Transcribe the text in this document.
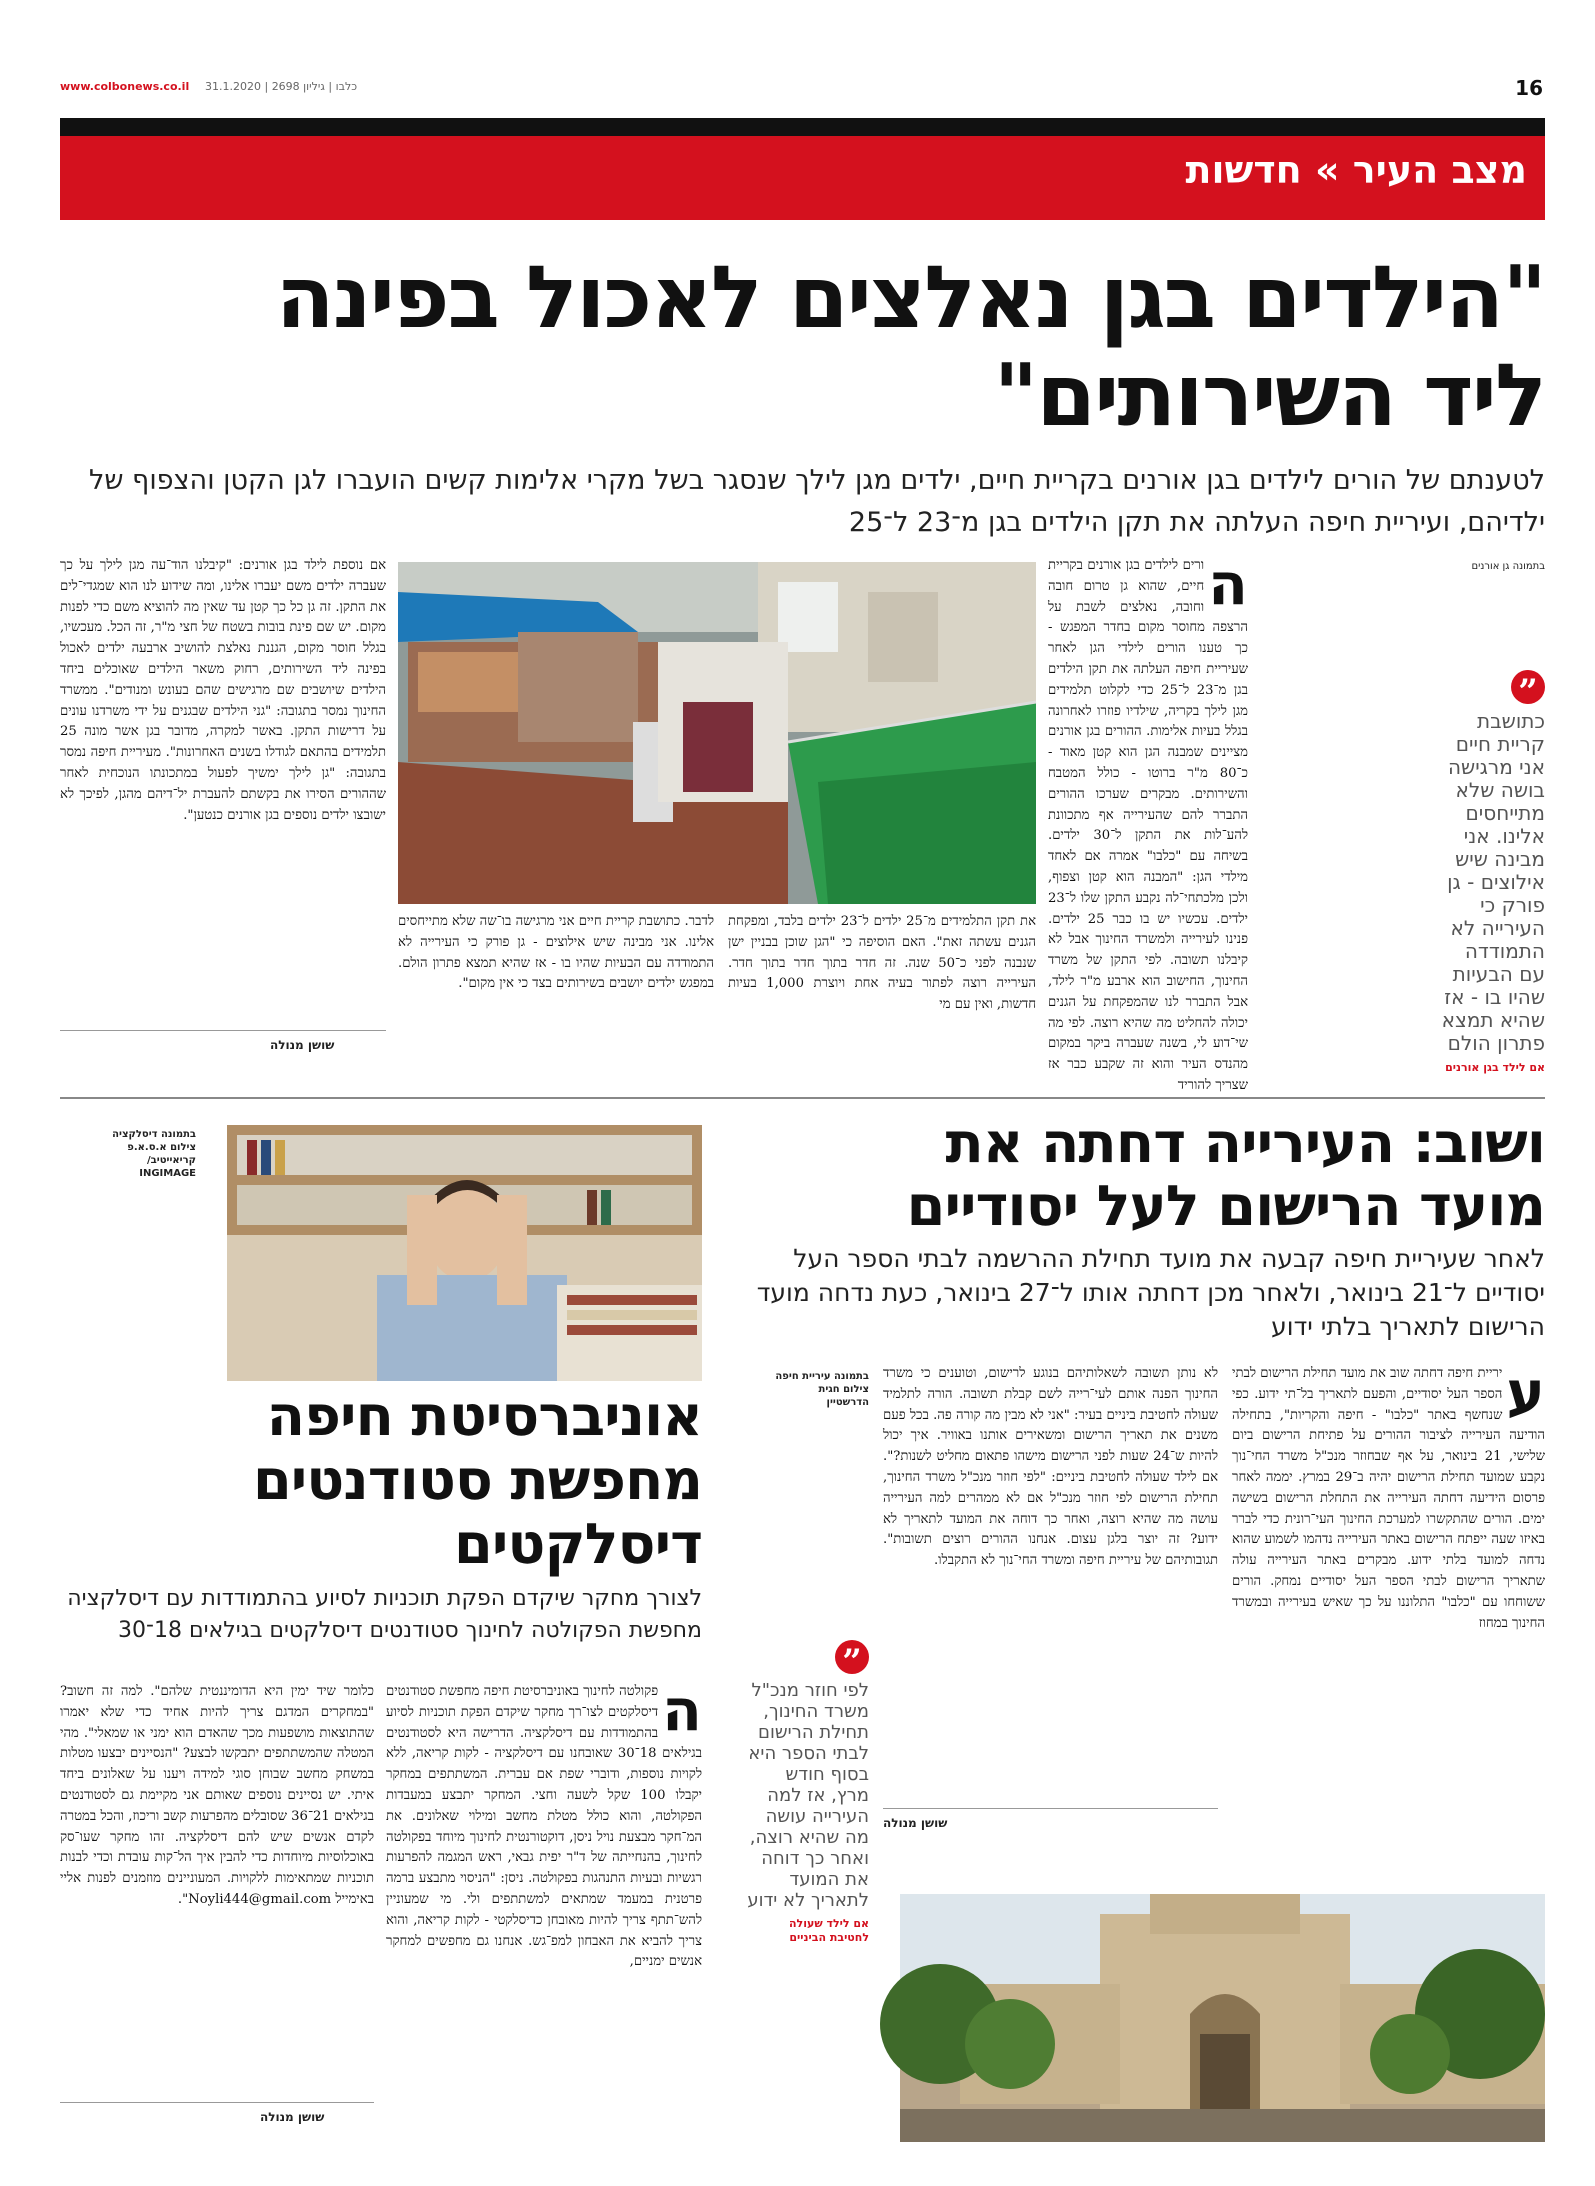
www.colbonews.co.il כלבו | גיליון 2698 | 31.1.2020	16
מצב העיר » חדשות
"הילדים בגן נאלצים לאכול בפינה
ליד השירותים"
לטענתם של הורים לילדים בגן אורנים בקריית חיים, ילדים מגן לילך שנסגר בשל מקרי אלימות קשים הועברו לגן הקטן והצפוף של ילדיהם, ועיריית חיפה העלתה את תקן הילדים בגן מ־23 ל־25
בתמונה גן אורנים
”
כתושבת קריית חיים אני מרגישה בושה שלא מתייחסים אלינו. אני מבינה שיש אילוצים - גן פורק כי העירייה לא התמודדה עם הבעיות שהיו בו - אז שהיא תמצא פתרון הולם
אם לילד בגן אורנים
ה
ורים לילדים בגן אורנים בקריית חיים, שהוא גן טרום חובה וחובה, נאלצים לשבת על הרצפה מחוסר מקום בחדר המפגש - כך טענו הורים לילדי הגן לאחר שעיריית חיפה העלתה את תקן הילדים בגן מ־23 ל־25 כדי לקלוט תלמידים מגן לילך בקריה, שילדיו פוזרו לאחרונה בגלל בעיות אלימות. ההורים בגן אורנים מציינים שמבנה הגן הוא קטן מאוד - כ־80 מ"ר ברוטו - כולל המטבח והשירותים. מבקרים שערכו ההורים התברר להם שהעירייה אף מתכוונת להע־לות את התקן ל־30 ילדים. בשיחה עם "כלבו" אמרה אם לאחד מילדי הגן: "המבנה הוא קטן וצפוף, ולכן מלכתחי־לה נקבע התקן שלו ל־23 ילדים. עכשיו יש בו כבר 25 ילדים. פנינו לעירייה ולמשרד החינוך אבל לא קיבלנו תשובה. לפי התקן של משרד החינוך, החישוב הוא ארבע מ"ר לילד, אבל התברר לנו שהמפקחת על הגנים יכולה להחליט מה שהיא רוצה. לפי מה שי־דוע לי, בשנה שעברה ביקר במקום מהנדס העיר והוא זה שקבע כבר אז שצריך להוריד
את תקן התלמידים מ־25 ילדים ל־23 ילדים בלבד, ומפקחת הגנים עשתה זאת". האם הוסיפה כי "הגן שוכן בבניין ישן שנבנה לפני כ־50 שנה. זה חדר בתוך חדר בתוך חדר. העירייה רוצה לפתור בעיה אחת ויוצרת 1,000 בעיות חדשות, ואין עם מי
לדבר. כתושבת קריית חיים אני מרגישה בו־שה שלא מתייחסים אלינו. אני מבינה שיש אילוצים - גן פורק כי העירייה לא התמודדה עם הבעיות שהיו בו - אז שהיא תמצא פתרון הולם. במפגש ילדים יושבים בשירותים בצד כי אין מקום".
אם נוספת לילד בגן אורנים: "קיבלנו הוד־עה מגן לילך על כך שעברה ילדים משם יעברו אלינו, ומה שידוע לנו הוא שמגדי־לים את התקן. זה גן כל כך קטן עד שאין מה להוציא משם כדי לפנות מקום. יש שם פינת בובות בשטח של חצי מ"ר, זה הכל. מעכשיו, בגלל חוסר מקום, הגננת נאלצת להושיב ארבעה ילדים לאכול בפינה ליד השירותים, רחוק משאר הילדים שאוכלים ביחד הילדים שיושבים שם מרגישים שהם בעונש ומנודים". ממשרד החינוך נמסר בתגובה: "גני הילדים שבגנים על ידי משרדנו עונים על דרישות התקן. באשר למקרה, מדובר בגן אשר מונה 25 תלמידים בהתאם לגודלו בשנים האחרונות". מעיריית חיפה נמסר בתגובה: "גן לילך ימשיך לפעול במתכונתו הנוכחית לאחר שההורים הסירו את בקשתם להעברת יל־דיהם מהגן, לפיכך לא ישובצו ילדים נוספים בגן אורנים כנטען".
שושן מנולה
ושוב: העירייה דחתה את
מועד הרישום לעל יסודיים
לאחר שעיריית חיפה קבעה את מועד תחילת ההרשמה לבתי הספר העל יסודיים ל־21 בינואר, ולאחר מכן דחתה אותו ל־27 בינואר, כעת נדחה מועד הרישום לתאריך בלתי ידוע
ע
יריית חיפה דחתה שוב את מועד תחילת הרישום לבתי הספר העל יסודיים, והפעם לתאריך בל־תי ידוע. כפי שנחשף באתר "כלבו" - חיפה והקריות", בתחילה הודיעה העירייה לציבור ההורים על פתיחת הרישום ביום שלישי, 21 בינואר, על אף שבחוזר מנכ"ל משרד החי־נוך נקבע שמועד תחילת הרישום יהיה ב־29 במרץ. יממה לאחר פרסום הידיעה דחתה העירייה את התחלת הרישום בשישה ימים. הורים שהתקשרו למערכת החינוך העי־רונית כדי לברר באיזו שעה ייפתח הרישום באתר העירייה נדהמו לשמוע שהוא נדחה למועד בלתי ידוע. מבקרים באתר העירייה עולה שתאריך הרישום לבתי הספר העל יסודיים נמחק. הורים ששוחחו עם "כלבו" התלוננו על כך שאיש בעירייה ובמשרד החינוך במחוז
בתמונה עיריית חיפה
צילום חגית
הדרשטיין
לא נותן תשובה לשאלותיהם בנוגע לרישום, וטוענים כי משרד החינוך הפנה אותם לעי־רייה לשם קבלת תשובה. הורה לתלמיד שעולה לחטיבת ביניים בעיר: "אני לא מבין מה קורה פה. בכל פעם משנים את תאריך הרישום ומשאירים אותנו באוויר. איך יכול להיות ש־24 שעות לפני הרישום מישהו פתאום מחליט לשנות?". אם לילד שעולה לחטיבת ביניים: "לפי חוזר מנכ"ל משרד החינוך, תחילת הרישום לפי חוזר מנכ"ל אם לא ממהרים למה העירייה עושה מה שהיא רוצה, ואחר כך דוחה את המועד לתאריך לא ידוע? זה יוצר בלגן עצום. אנחנו ההורים רוצים תשובות". תגובותיהם של עיריית חיפה ומשרד החי־נוך לא התקבלו.
שושן מנולה
”
לפי חוזר מנכ"ל משרד החינוך, תחילת הרישום לבתי הספר היא בסוף חודש מרץ, אז למה העירייה עושה מה שהיא רוצה, ואחר כך דוחה את המועד לתאריך לא ידוע
אם לילד שעולה
לחטיבת הביניים
בתמונה דיסלקציה
צילום א.ס.א.פ
קריאייטיב/
INGIMAGE
אוניברסיטת חיפה
מחפשת סטודנטים
דיסלקטים
לצורך מחקר שיקדם הפקת תוכניות לסיוע בהתמודדות עם דיסלקציה מחפשת הפקולטה לחינוך סטודנטים דיסלקטים בגילאים 18־30
ה
פקולטה לחינוך באוניברסיטת חיפה מחפשת סטודנטים דיסלקטים לצו־רך מחקר שיקדם הפקת תוכניות לסיוע בהתמודדות עם דיסלקציה. הדרישה היא לסטודנטים בגילאים 18־30 שאובחנו עם דיסלקציה - לקות קריאה, ללא לקויות נוספות, ודוברי שפת אם עברית. המשתתפים במחקר יקבלו 100 שקל לשעה וחצי. המחקר יתבצע במעבדות הפקולטה, והוא כולל מטלת מחשב ומילוי שאלונים. את המ־חקר מבצעת נויל ניסן, דוקטורנטית לחינוך מיוחד בפקולטה לחינוך, בהנחייתה של ד"ר יפית גבאי, ראש המגמה להפרעות רגשיות ובעיות התנהגות בפקולטה. ניסן: "הניסוי מתבצע ברמה פרטנית במעמד שמתאים למשתתפים ולי. מי שמעוניין להש־תתף צריך להיות מאובחן כדיסלקטי - לקות קריאה, והוא צריך להביא את האבחון למפ־גש. אנחנו גם מחפשים למחקר אנשים ימניים,
כלומר שיד ימין היא הדומיננטית שלהם". למה זה חשוב? "במחקרים המדגם צריך להיות אחיד כדי שלא יאמרו שהתוצאות מושפעות מכך שהאדם הוא ימני או שמאלי". מהי המטלה שהמשתתפים יתבקשו לבצע? "הנסיינים יבצעו מטלות במשחק מחשב שבוחן סוגי למידה ויענו על שאלונים ביחד איתי. יש נסיינים נוספים שאותם אני מקיימת גם לסטודנטים בגילאים 21־36 שסובלים מהפרעות קשב וריכוז, והכל במטרה לקדם אנשים שיש להם דיסלקציה. זהו מחקר שעו־סק באוכלוסיות מיוחדות כדי להבין איך הל־קות עובדת וכדי לבנות תוכניות שמתאימות ללקויות. המעוניינים מוזמנים לפנות אליי באימייל Noyli444@gmail.com".
שושן מנולה
